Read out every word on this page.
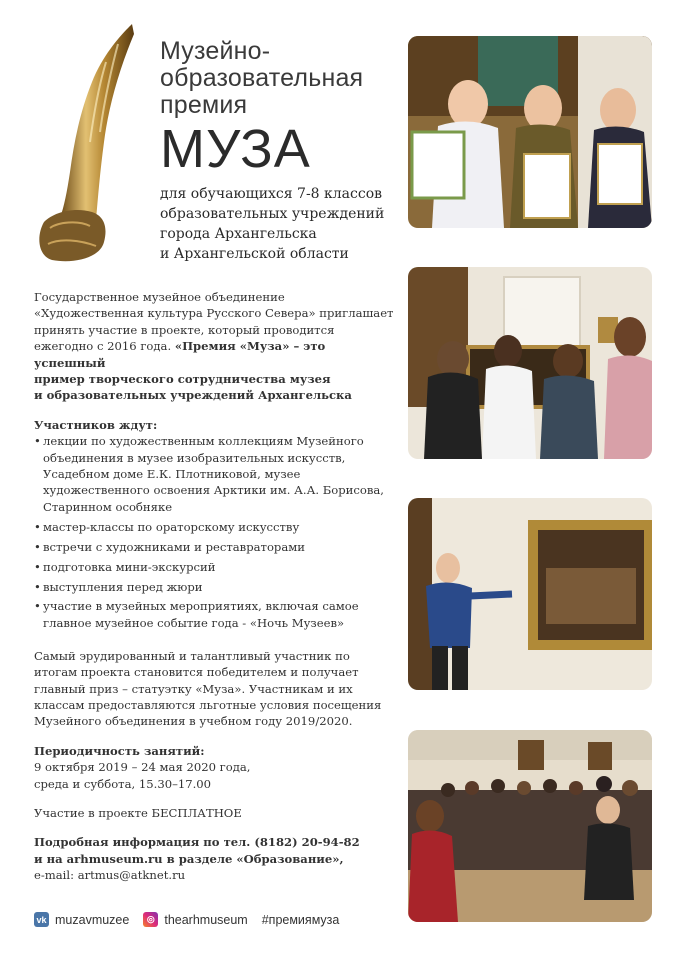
Музейно-
образовательная
премия
МУЗА
для обучающихся 7-8 классов
образовательных учреждений
города Архангельска
и Архангельской области

Государственное музейное объединение
«Художественная культура Русского Севера» приглашает
принять участие в проекте, который проводится
ежегодно с 2016 года. «Премия «Муза» – это успешный
пример творческого сотрудничества музея
и образовательных учреждений Архангельска

Участников ждут:

• лекции по художественным коллекциям Музейного объединения в музее изобразительных искусств, Усадебном доме Е.К. Плотниковой, музее художественного освоения Арктики им. А.А. Борисова, Старинном особняке
• мастер-классы по ораторскому искусству
• встречи с художниками и реставраторами
• подготовка мини-экскурсий
• выступления перед жюри
• участие в музейных мероприятиях, включая самое главное музейное событие года - «Ночь Музеев»

Самый эрудированный и талантливый участник по итогам проекта становится победителем и получает главный приз – статуэтку «Муза». Участникам и их классам предоставляются льготные условия посещения Музейного объединения в учебном году 2019/2020.

Периодичность занятий:

9 октября 2019 – 24 мая 2020 года,

среда и суббота, 15.30–17.00

Участие в проекте БЕСПЛАТНОЕ

Подробная информация по тел. (8182) 20-94-82

и на arhmuseum.ru в разделе «Образование»,

e-mail: artmus@atknet.ru

vk muzavmuzee	◎ thearhmuseum #премиямуза
